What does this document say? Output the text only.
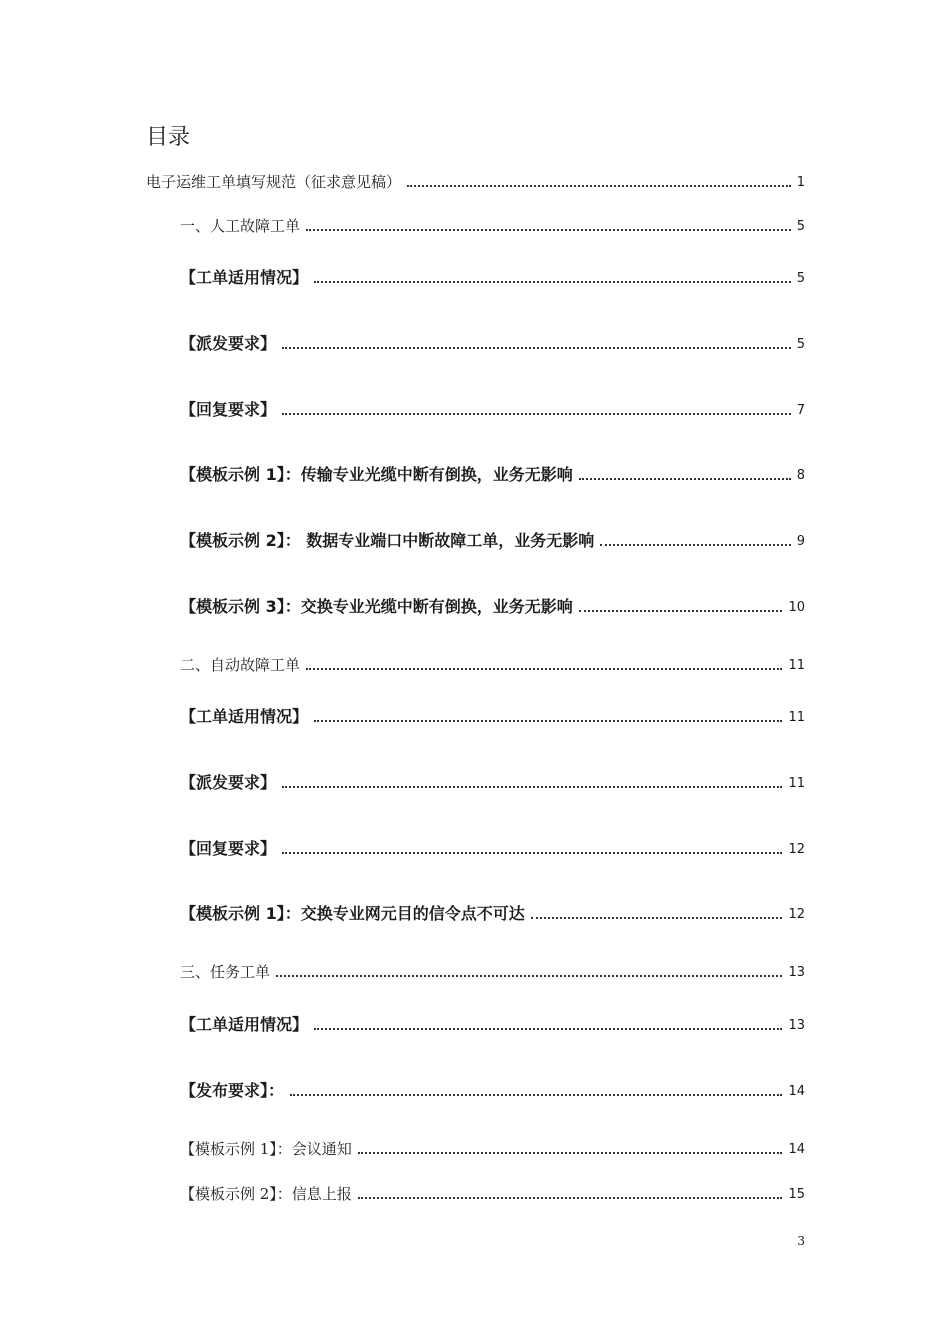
目录
电子运维工单填写规范（征求意见稿）	1
一、人工故障工单	5
【工单适用情况】	5
【派发要求】	5
【回复要求】	7
【模板示例 1】：传输专业光缆中断有倒换，业务无影响	8
【模板示例 2】： 数据专业端口中断故障工单，业务无影响	9
【模板示例 3】：交换专业光缆中断有倒换，业务无影响	10
二、自动故障工单	11
【工单适用情况】	11
【派发要求】	11
【回复要求】	12
【模板示例 1】：交换专业网元目的信令点不可达	12
三、任务工单	13
【工单适用情况】	13
【发布要求】：	14
【模板示例 1】：会议通知	14
【模板示例 2】：信息上报	15
3
